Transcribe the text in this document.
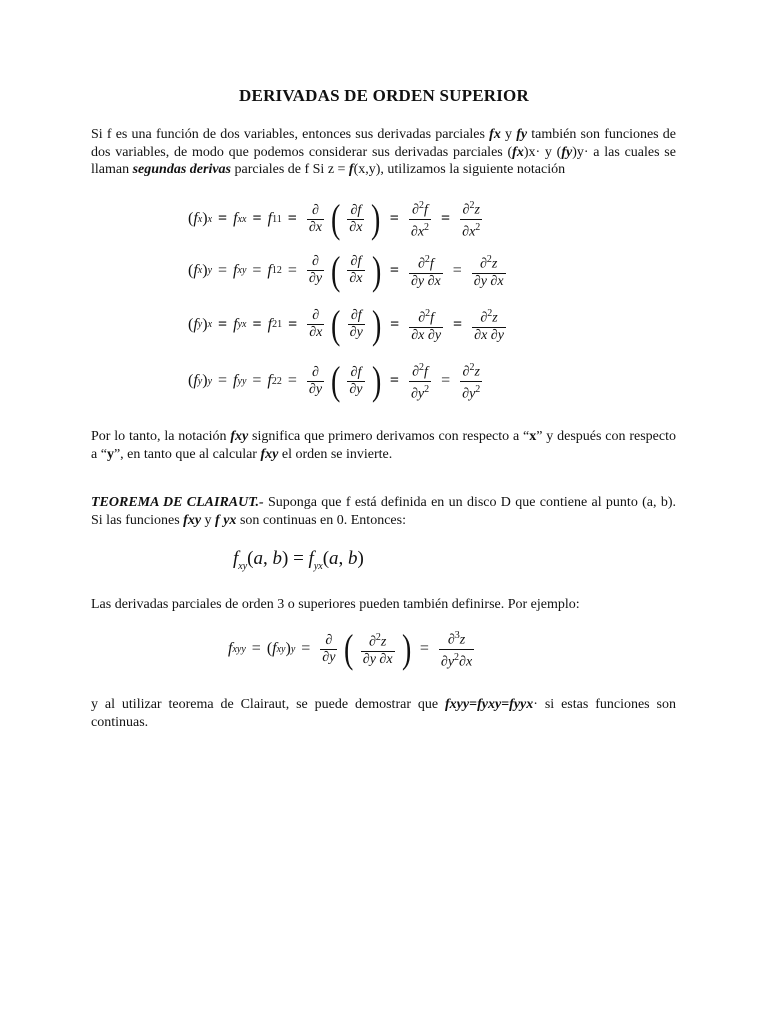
DERIVADAS DE ORDEN SUPERIOR
Si f es una función de dos variables, entonces sus derivadas parciales fx y fy también son funciones de dos variables, de modo que podemos considerar sus derivadas parciales (fx)x· y (fy)y· a las cuales se llaman segundas derivas parciales de f Si z = f(x,y), utilizamos la siguiente notación
( f x ) x = f xx = f $11 = \frac{\partial}{\partial x}$ ( $\frac{\partial f}{\partial x}$ ) = $\frac{\partial^2f}{\partial x^2} = \frac{\partial^2z}{\partial x^2}$
( f x ) y = f xy = f $12 = \frac{\partial}{\partial y}$ ( $\frac{\partial f}{\partial x}$ ) = $\frac{\partial^2f}{\partial y \partial x} = \frac{\partial^2z}{\partial y \partial x}$
( f y ) x = f yx = f $21 = \frac{\partial}{\partial x}$ ( $\frac{\partial f}{\partial y}$ ) = $\frac{\partial^2f}{\partial x \partial y} = \frac{\partial^2z}{\partial x \partial y}$
( f y ) y = f yy = f $22 = \frac{\partial}{\partial y}$ ( $\frac{\partial f}{\partial y}$ ) = $\frac{\partial^2f}{\partial y^2} = \frac{\partial^2z}{\partial y^2}$
Por lo tanto, la notación fxy significa que primero derivamos con respecto a “x” y después con respecto a “y”, en tanto que al calcular fxy el orden se invierte.
TEOREMA DE CLAIRAUT.- Suponga que f está definida en un disco D que contiene al punto (a, b). Si las funciones fxy y f yx son continuas en 0. Entonces:
$f_{xy}(a$, $b) = f_{yx}(a$, b)
Las derivadas parciales de orden 3 o superiores pueden también definirse. Por ejemplo:
f xyy = ( f xy ) $y = \frac{\partial}{\partial y}$ ( $\frac{\partial^2z}{\partial y \partial x}$ ) = $\frac{\partial^3z}{\partial y^2\partial x}$
y al utilizar teorema de Clairaut, se puede demostrar que fxyy=fyxy=fyyx· si estas funciones son continuas.
